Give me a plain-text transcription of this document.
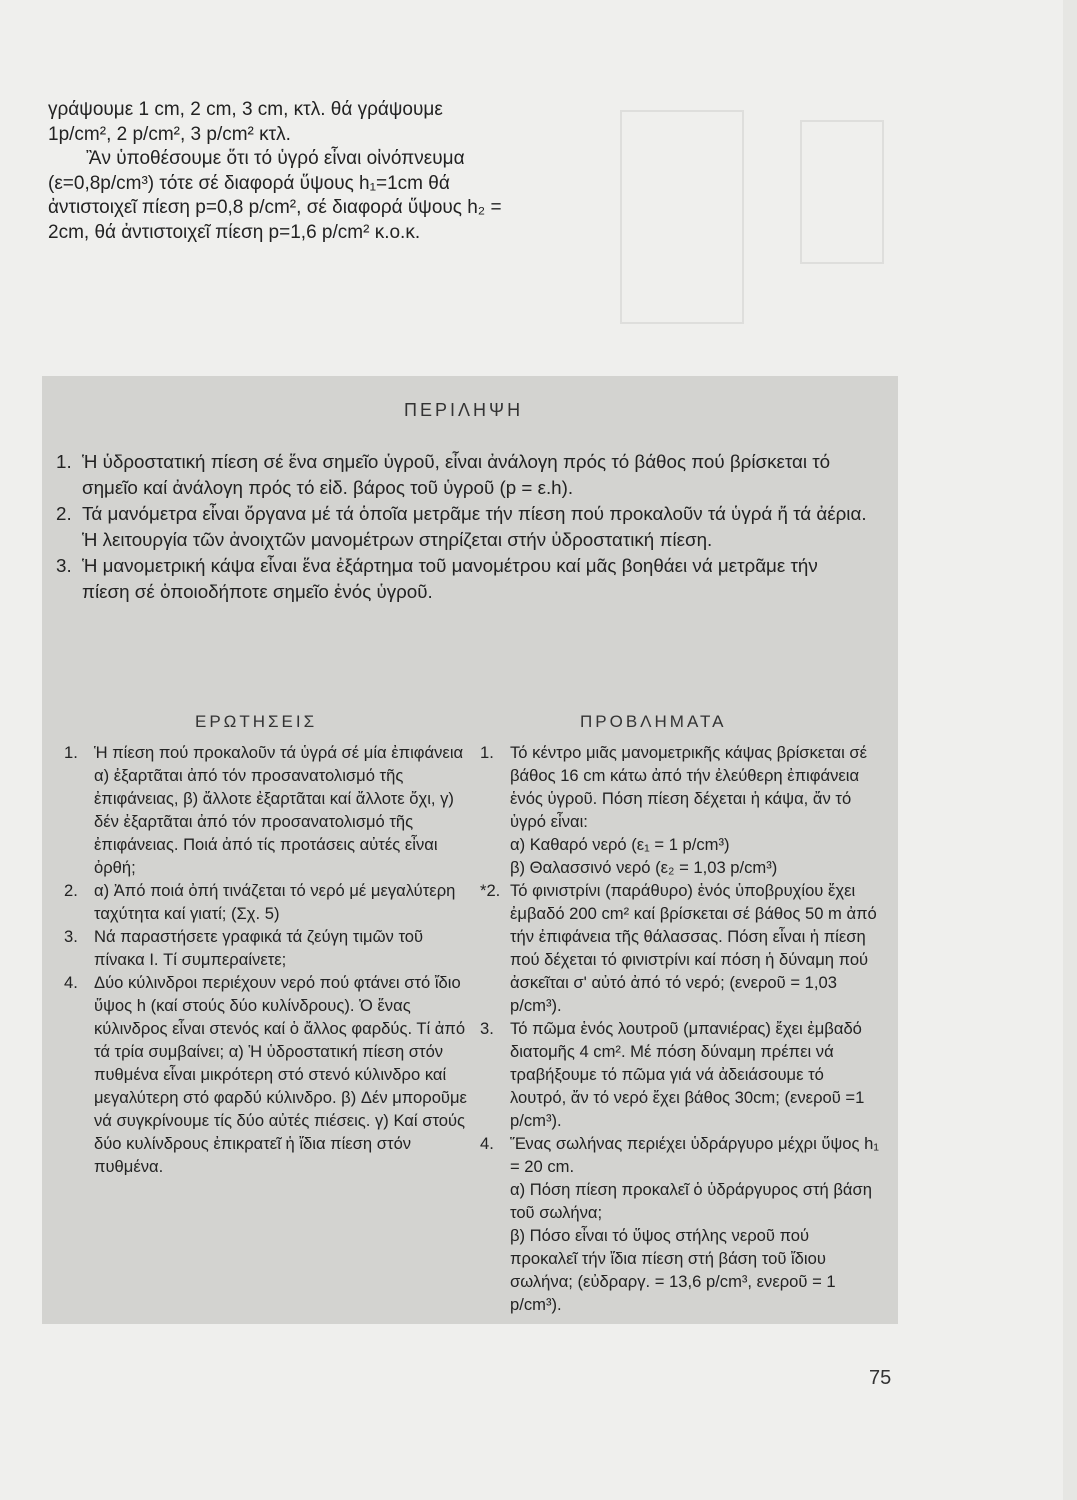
γράψουμε 1 cm, 2 cm, 3 cm, κτλ. θά γράψουμε

1p/cm², 2 p/cm², 3 p/cm² κτλ.

Ἂν ὑποθέσουμε ὅτι τό ὑγρό εἶναι οἰνόπνευμα (ε=0,8p/cm³) τότε σέ διαφορά ὕψους h₁=1cm θά ἀντιστοιχεῖ πίεση p=0,8 p/cm², σέ διαφορά ὕψους h₂ = 2cm, θά ἀντιστοιχεῖ πίεση p=1,6 p/cm² κ.ο.κ.

ΠΕΡΙΛΗΨΗ
1. Ἡ ὑδροστατική πίεση σέ ἕνα σημεῖο ὑγροῦ, εἶναι ἀνάλογη πρός τό βάθος πού βρίσκεται τό σημεῖο καί ἀνάλογη πρός τό εἰδ. βάρος τοῦ ὑγροῦ (p = ε.h).
2. Τά μανόμετρα εἶναι ὄργανα μέ τά ὁποῖα μετρᾶμε τήν πίεση πού προκαλοῦν τά ὑγρά ἤ τά ἀέρια. Ἡ λειτουργία τῶν ἀνοιχτῶν μανομέτρων στηρίζεται στήν ὑδροστατική πίεση.
3. Ἡ μανομετρική κάψα εἶναι ἕνα ἐξάρτημα τοῦ μανομέτρου καί μᾶς βοηθάει νά μετρᾶμε τήν πίεση σέ ὁποιοδήποτε σημεῖο ἑνός ὑγροῦ.
ΕΡΩΤΗΣΕΙΣ	ΠΡΟΒΛΗΜΑΤΑ
1. Ἡ πίεση πού προκαλοῦν τά ὑγρά σέ μία ἐπιφάνεια α) ἐξαρτᾶται ἀπό τόν προσανατολισμό τῆς ἐπιφάνειας, β) ἄλλοτε ἐξαρτᾶται καί ἄλλοτε ὄχι, γ) δέν ἐξαρτᾶται ἀπό τόν προσανατολισμό τῆς ἐπιφάνειας. Ποιά ἀπό τίς προτάσεις αὐτές εἶναι ὀρθή;
2. α) Ἀπό ποιά ὀπή τινάζεται τό νερό μέ μεγαλύτερη ταχύτητα καί γιατί; (Σχ. 5)
3. Νά παραστήσετε γραφικά τά ζεύγη τιμῶν τοῦ πίνακα I. Τί συμπεραίνετε;
4. Δύο κύλινδροι περιέχουν νερό πού φτάνει στό ἴδιο ὕψος h (καί στούς δύο κυλίνδρους). Ὁ ἕνας κύλινδρος εἶναι στενός καί ὁ ἄλλος φαρδύς. Τί ἀπό τά τρία συμβαίνει; α) Ἡ ὑδροστατική πίεση στόν πυθμένα εἶναι μικρότερη στό στενό κύλινδρο καί μεγαλύτερη στό φαρδύ κύλινδρο. β) Δέν μποροῦμε νά συγκρίνουμε τίς δύο αὐτές πιέσεις. γ) Καί στούς δύο κυλίνδρους ἐπικρατεῖ ἡ ἴδια πίεση στόν πυθμένα.
1. Τό κέντρο μιᾶς μανομετρικῆς κάψας βρίσκεται σέ βάθος 16 cm κάτω ἀπό τήν ἐλεύθερη ἐπιφάνεια ἑνός ὑγροῦ. Πόση πίεση δέχεται ἡ κάψα, ἄν τό ὑγρό εἶναι:
α) Καθαρό νερό (ε₁ = 1 p/cm³)
β) Θαλασσινό νερό (ε₂ = 1,03 p/cm³)
*2. Τό φινιστρίνι (παράθυρο) ἑνός ὑποβρυχίου ἔχει ἐμβαδό 200 cm² καί βρίσκεται σέ βάθος 50 m ἀπό τήν ἐπιφάνεια τῆς θάλασσας. Πόση εἶναι ἡ πίεση πού δέχεται τό φινιστρίνι καί πόση ἡ δύναμη πού ἀσκεῖται σ' αὐτό ἀπό τό νερό; (ενεροῦ = 1,03 p/cm³).
3. Τό πῶμα ἑνός λουτροῦ (μπανιέρας) ἔχει ἐμβαδό διατομῆς 4 cm². Μέ πόση δύναμη πρέπει νά τραβήξουμε τό πῶμα γιά νά ἀδειάσουμε τό λουτρό, ἄν τό νερό ἔχει βάθος 30cm; (ενεροῦ =1 p/cm³).
4. Ἕνας σωλήνας περιέχει ὑδράργυρο μέχρι ὕψος h₁ = 20 cm.
α) Πόση πίεση προκαλεῖ ὁ ὑδράργυρος στή βάση τοῦ σωλήνα;
β) Πόσο εἶναι τό ὕψος στήλης νεροῦ πού προκαλεῖ τήν ἴδια πίεση στή βάση τοῦ ἴδιου σωλήνα; (εὐδραργ. = 13,6 p/cm³, ενεροῦ = 1 p/cm³).
75
